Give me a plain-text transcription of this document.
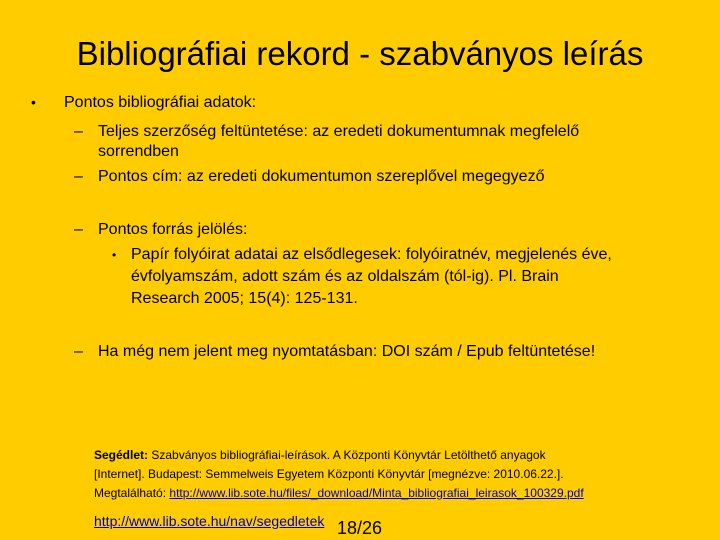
Bibliográfiai rekord - szabványos leírás
• Pontos bibliográfiai adatok:
– Teljes szerzőség feltüntetése: az eredeti dokumentumnak megfelelő
sorrendben
– Pontos cím: az eredeti dokumentumon szereplővel megegyező
– Pontos forrás jelölés:
• Papír folyóirat adatai az elsődlegesek: folyóiratnév, megjelenés éve,
évfolyamszám, adott szám és az oldalszám (tól-ig). Pl. Brain
Research 2005; 15(4): 125-131.
– Ha még nem jelent meg nyomtatásban: DOI szám / Epub feltüntetése!
Segédlet: Szabványos bibliográfiai-leírások. A Központi Könyvtár Letölthető anyagok
[Internet]. Budapest: Semmelweis Egyetem Központi Könyvtár [megnézve: 2010.06.22.].
Megtalálható: http://www.lib.sote.hu/files/_download/Minta_bibliografiai_leirasok_100329.pdf
http://www.lib.sote.hu/nav/segedletek 18/26
